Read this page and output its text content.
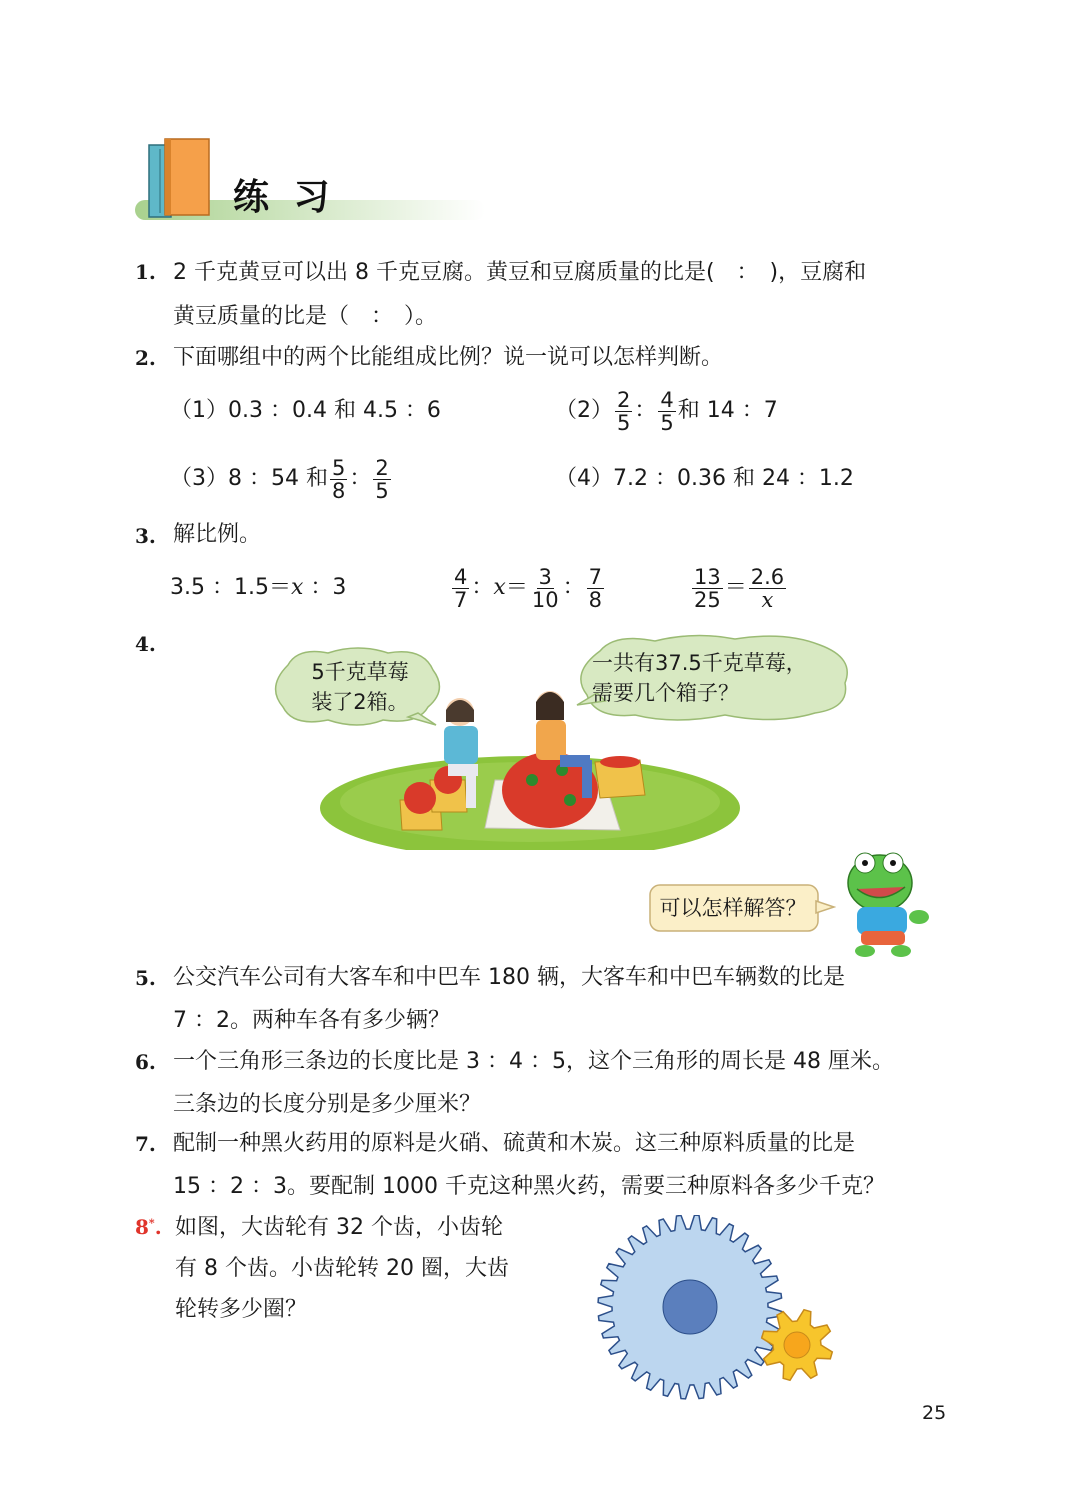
练 习
1. 2 千克黄豆可以出 8 千克豆腐。黄豆和豆腐质量的比是(　：　)，豆腐和
黄豆质量的比是（　：　）。
2. 下面哪组中的两个比能组成比例？说一说可以怎样判断。
（1）0.3 ：0.4 和 4.5 ：6	$(2) \frac{2}{5}$ ： $\frac{4}{5}$ 和 14 ：7
（3）8 ：54 和 $\frac{5}{8}$ ： $\frac{2}{5}$	（4）7.2 ：0.36 和 24 ：1.2
3. 解比例。
3.5 ：1.5＝x ：3	$\frac{4}{7}$ ：$x= \frac{3}{10}$ ： $\frac{7}{8}$	$\frac{13}{25} = \frac{2.6}{x}$
4.
5千克草莓
装了2箱。
一共有37.5千克草莓，
需要几个箱子？
可以怎样解答？
5. 公交汽车公司有大客车和中巴车 180 辆，大客车和中巴车辆数的比是
7 ：2。两种车各有多少辆？
6. 一个三角形三条边的长度比是 3 ：4 ：5，这个三角形的周长是 48 厘米。
三条边的长度分别是多少厘米？
7. 配制一种黑火药用的原料是火硝、硫黄和木炭。这三种原料质量的比是
15 ：2 ：3。要配制 1000 千克这种黑火药，需要三种原料各多少千克？
8*. 如图，大齿轮有 32 个齿，小齿轮
有 8 个齿。小齿轮转 20 圈，大齿
轮转多少圈？
25
